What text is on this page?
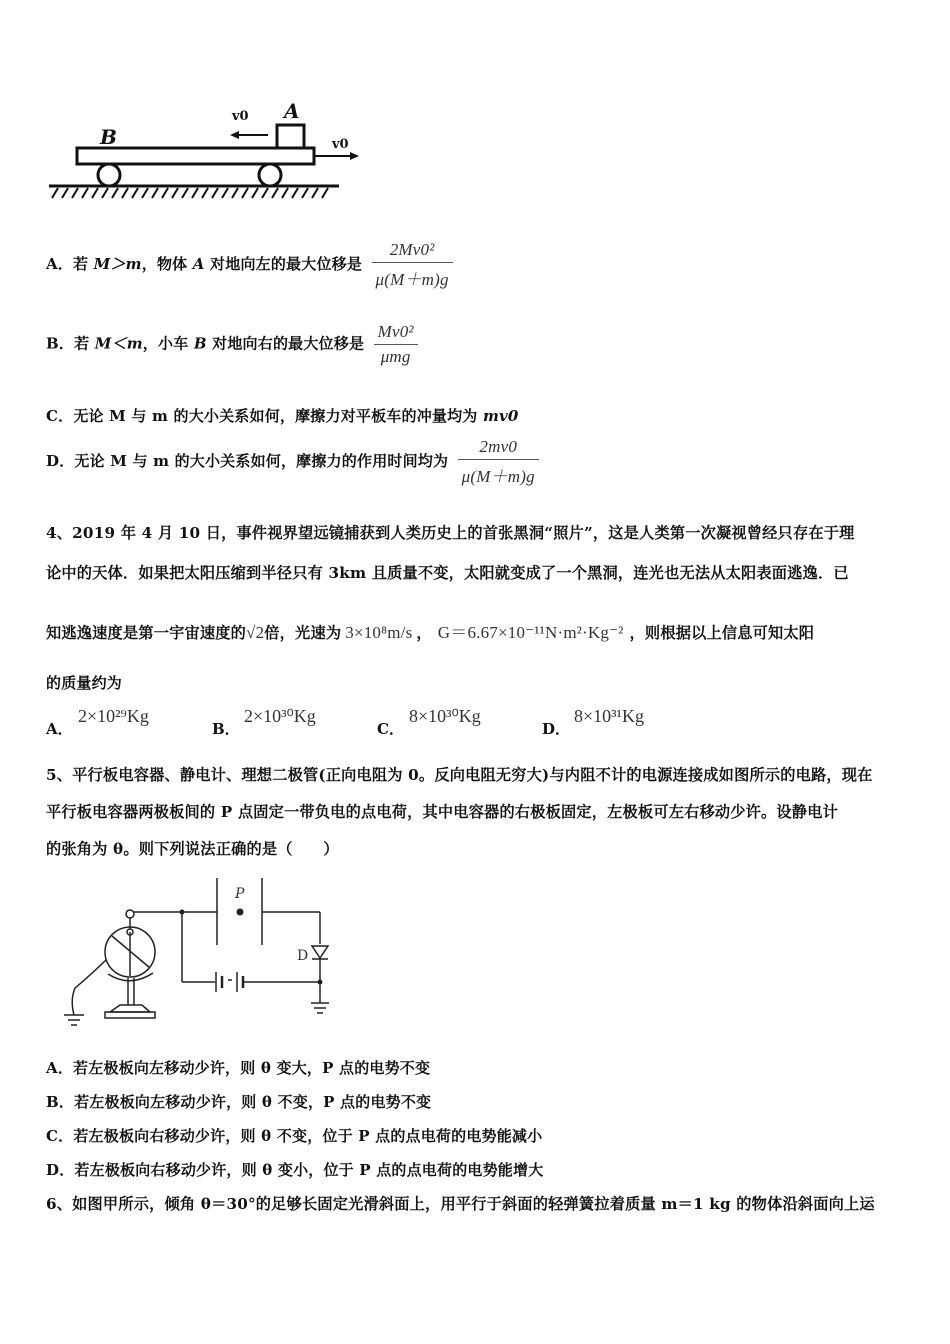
B
A
v0
v0
A．若 M＞m，物体 A 对地向左的最大位移是 $\frac{\text{2Mv0²}}{\mu(M+m)g}$
B．若 M＜m，小车 B 对地向右的最大位移是 $\frac{\text{Mv0²}}{\text{μmg}}$
C．无论 M 与 m 的大小关系如何，摩擦力对平板车的冲量均为 mv0
D．无论 M 与 m 的大小关系如何，摩擦力的作用时间均为 $\frac{2mv0}{\mu(M+m)g}$
4、2019 年 4 月 10 日，事件视界望远镜捕获到人类历史上的首张黑洞“照片”，这是人类第一次凝视曾经只存在于理
论中的天体．如果把太阳压缩到半径只有 3km 且质量不变，太阳就变成了一个黑洞，连光也无法从太阳表面逃逸．已
知逃逸速度是第一宇宙速度的√2倍，光速为 3×10⁸m/s ， G＝6.67×10⁻¹¹N·m²·Kg⁻² ，则根据以上信息可知太阳
的质量约为
A．
2×10²⁹Kg
B．
2×10³⁰Kg
C．
8×10³⁰Kg
D．
8×10³¹Kg
5、平行板电容器、静电计、理想二极管(正向电阻为 0。反向电阻无穷大)与内阻不计的电源连接成如图所示的电路，现在
平行板电容器两极板间的 P 点固定一带负电的点电荷，其中电容器的右极板固定，左极板可左右移动少许。设静电计
的张角为 θ。则下列说法正确的是（　　）
P
D
A．若左极板向左移动少许，则 θ 变大，P 点的电势不变
B．若左极板向左移动少许，则 θ 不变，P 点的电势不变
C．若左极板向右移动少许，则 θ 不变，位于 P 点的点电荷的电势能减小
D．若左极板向右移动少许，则 θ 变小，位于 P 点的点电荷的电势能增大
6、如图甲所示，倾角 θ＝30°的足够长固定光滑斜面上，用平行于斜面的轻弹簧拉着质量 m＝1 kg 的物体沿斜面向上运
